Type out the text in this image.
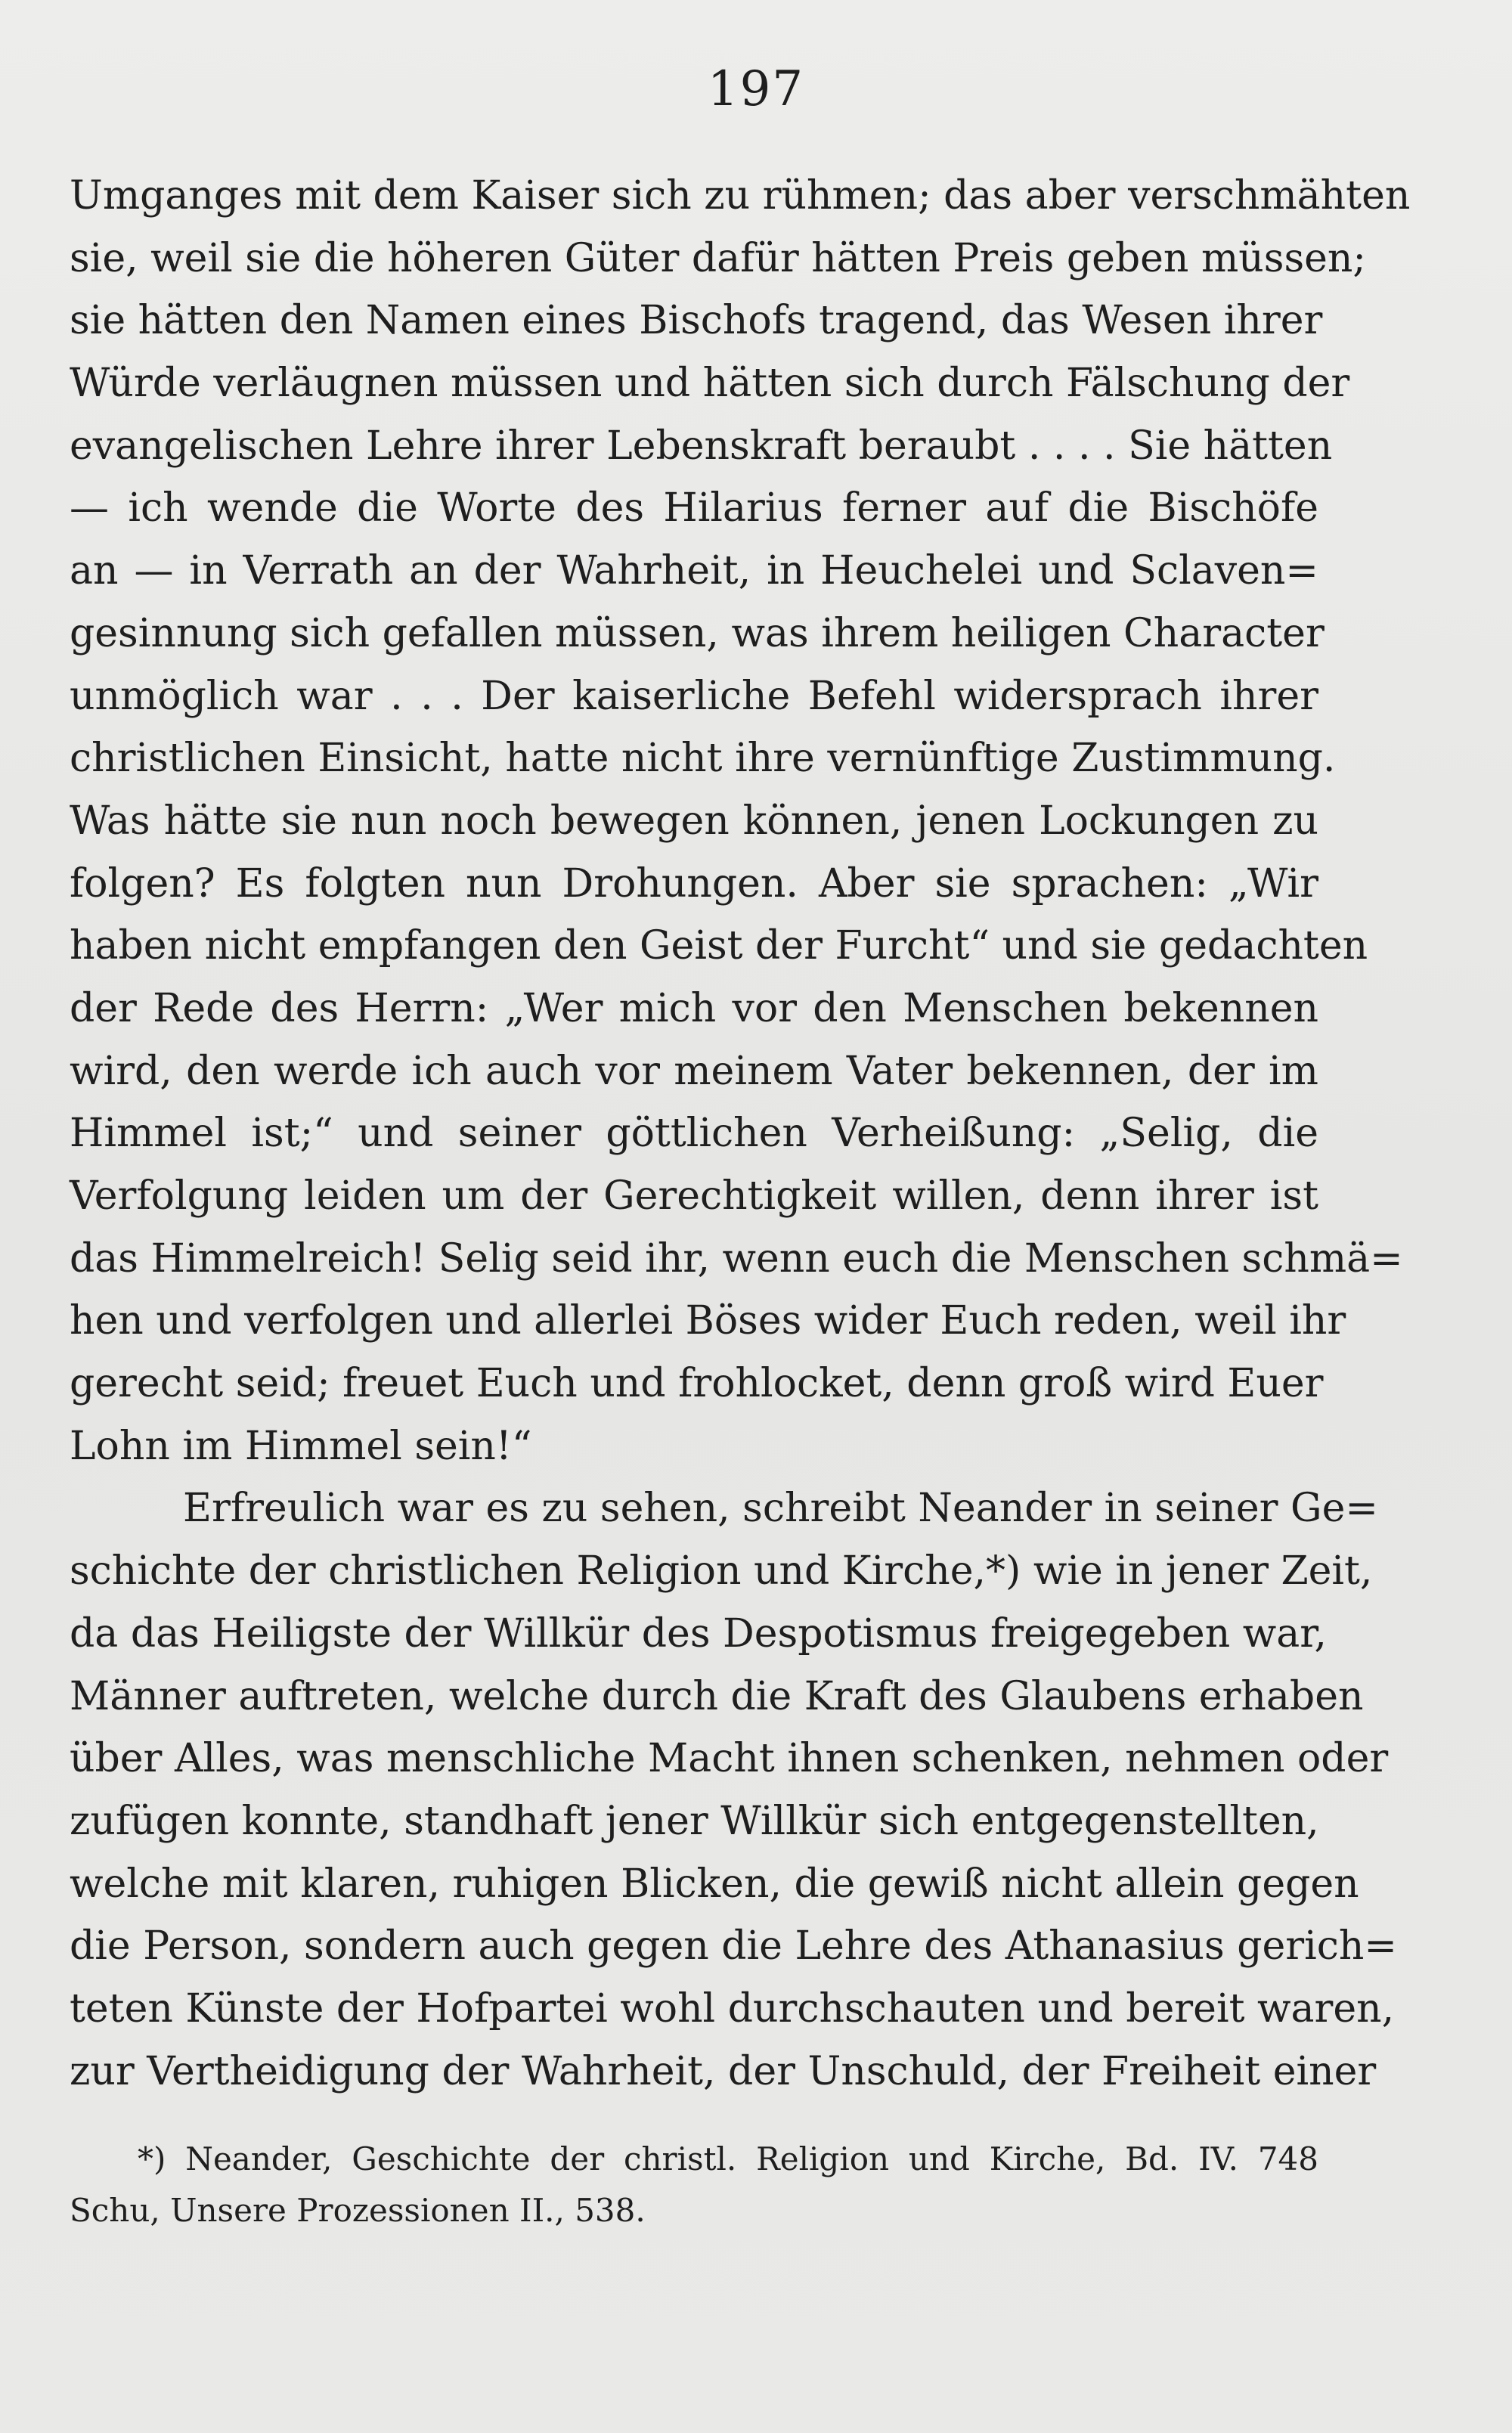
197
Umganges mit dem Kaiser sich zu rühmen; das aber verschmähten
sie, weil sie die höheren Güter dafür hätten Preis geben müssen;
sie hätten den Namen eines Bischofs tragend, das Wesen ihrer
Würde verläugnen müssen und hätten sich durch Fälschung der
evangelischen Lehre ihrer Lebenskraft beraubt . . . . Sie hätten
— ich wende die Worte des Hilarius ferner auf die Bischöfe
an — in Verrath an der Wahrheit, in Heuchelei und Sclaven=
gesinnung sich gefallen müssen, was ihrem heiligen Character
unmöglich war . . . Der kaiserliche Befehl widersprach ihrer
christlichen Einsicht, hatte nicht ihre vernünftige Zustimmung.
Was hätte sie nun noch bewegen können, jenen Lockungen zu
folgen? Es folgten nun Drohungen. Aber sie sprachen: „Wir
haben nicht empfangen den Geist der Furcht“ und sie gedachten
der Rede des Herrn: „Wer mich vor den Menschen bekennen
wird, den werde ich auch vor meinem Vater bekennen, der im
Himmel ist;“ und seiner göttlichen Verheißung: „Selig, die
Verfolgung leiden um der Gerechtigkeit willen, denn ihrer ist
das Himmelreich! Selig seid ihr, wenn euch die Menschen schmä=
hen und verfolgen und allerlei Böses wider Euch reden, weil ihr
gerecht seid; freuet Euch und frohlocket, denn groß wird Euer
Lohn im Himmel sein!“
Erfreulich war es zu sehen, schreibt Neander in seiner Ge=
schichte der christlichen Religion und Kirche,*) wie in jener Zeit,
da das Heiligste der Willkür des Despotismus freigegeben war,
Männer auftreten, welche durch die Kraft des Glaubens erhaben
über Alles, was menschliche Macht ihnen schenken, nehmen oder
zufügen konnte, standhaft jener Willkür sich entgegenstellten,
welche mit klaren, ruhigen Blicken, die gewiß nicht allein gegen
die Person, sondern auch gegen die Lehre des Athanasius gerich=
teten Künste der Hofpartei wohl durchschauten und bereit waren,
zur Vertheidigung der Wahrheit, der Unschuld, der Freiheit einer
*) Neander, Geschichte der christl. Religion und Kirche, Bd. IV. 748
Schu, Unsere Prozessionen II., 538.
